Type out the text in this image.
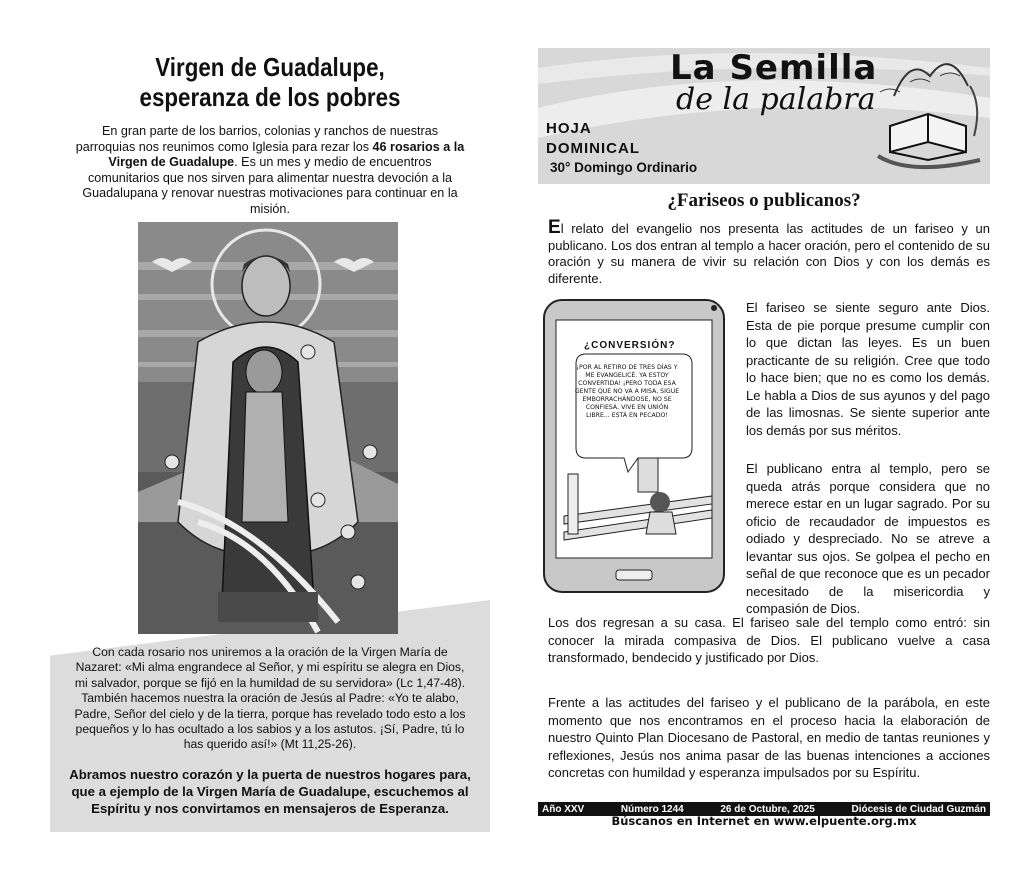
Virgen de Guadalupe,
esperanza de los pobres
En gran parte de los barrios, colonias y ranchos de nuestras parroquias nos reunimos como Iglesia para rezar los 46 rosarios a la Virgen de Guadalupe. Es un mes y medio de encuentros comunitarios que nos sirven para alimentar nuestra devoción a la Guadalupana y renovar nuestras motivaciones para continuar en la misión.
Con cada rosario nos uniremos a la oración de la Virgen María de Nazaret: «Mi alma engrandece al Señor, y mi espíritu se alegra en Dios, mi salvador, porque se fijó en la humildad de su servidora» (Lc 1,47-48). También hacemos nuestra la oración de Jesús al Padre: «Yo te alabo, Padre, Señor del cielo y de la tierra, porque has revelado todo esto a los pequeños y lo has ocultado a los sabios y a los astutos. ¡Sí, Padre, tú lo has querido así!» (Mt 11,25-26).
Abramos nuestro corazón y la puerta de nuestros hogares para, que a ejemplo de la Virgen María de Guadalupe, escuchemos al Espíritu y nos convirtamos en mensajeros de Esperanza.
La Semilla
de la palabra
HOJA
DOMINICAL
30° Domingo Ordinario
¿Fariseos o publicanos?
El relato del evangelio nos presenta las actitudes de un fariseo y un publicano. Los dos entran al templo a hacer oración, pero el contenido de su oración y su manera de vivir su relación con Dios y con los demás es diferente.
¿CONVERSIÓN?
¡POR AL RETIRO DE TRES DÍAS Y ME EVANGELICÉ. YA ESTOY CONVERTIDA! ¡PERO TODA ESA GENTE QUE NO VA A MISA, SIGUE EMBORRACHÁNDOSE, NO SE CONFIESA, VIVE EN UNIÓN LIBRE... ESTÁ EN PECADO!
El fariseo se siente seguro ante Dios. Esta de pie porque presume cumplir con lo que dictan las leyes. Es un buen practicante de su religión. Cree que todo lo hace bien; que no es como los demás. Le habla a Dios de sus ayunos y del pago de las limosnas. Se siente superior ante los demás por sus méritos.
El publicano entra al templo, pero se queda atrás porque considera que no merece estar en un lugar sagrado. Por su oficio de recaudador de impuestos es odiado y despreciado. No se atreve a levantar sus ojos. Se golpea el pecho en señal de que reconoce que es un pecador necesitado de la misericordia y compasión de Dios.
Los dos regresan a su casa. El fariseo sale del templo como entró: sin conocer la mirada compasiva de Dios. El publicano vuelve a casa transformado, bendecido y justificado por Dios.
Frente a las actitudes del fariseo y el publicano de la parábola, en este momento que nos encontramos en el proceso hacia la elaboración de nuestro Quinto Plan Diocesano de Pastoral, en medio de tantas reuniones y reflexiones, Jesús nos anima pasar de las buenas intenciones a acciones concretas con humildad y esperanza impulsados por su Espíritu.
Año XXV	Número 1244	26 de Octubre, 2025	Diócesis de Ciudad Guzmán
Búscanos en Internet en www.elpuente.org.mx
